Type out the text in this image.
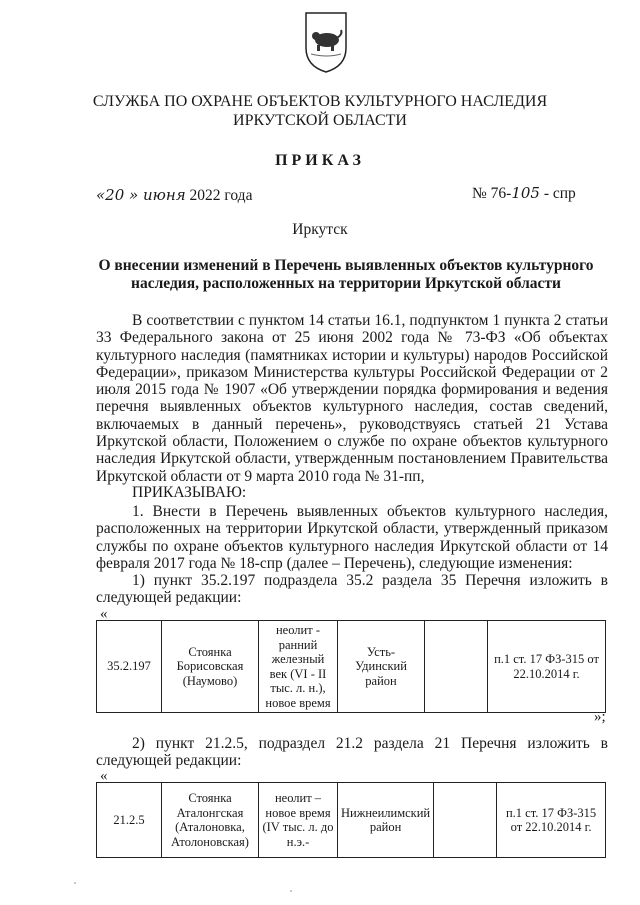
СЛУЖБА ПО ОХРАНЕ ОБЪЕКТОВ КУЛЬТУРНОГО НАСЛЕДИЯ
ИРКУТСКОЙ ОБЛАСТИ
ПРИКАЗ
«20 » июня 2022 года	№ 76-105 - спр
Иркутск
О внесении изменений в Перечень выявленных объектов культурного
наследия, расположенных на территории Иркутской области

В соответствии с пунктом 14 статьи 16.1, подпунктом 1 пункта 2 статьи 33 Федерального закона от 25 июня 2002 года № 73-ФЗ «Об объектах культурного наследия (памятниках истории и культуры) народов Российской Федерации», приказом Министерства культуры Российской Федерации от 2 июля 2015 года № 1907 «Об утверждении порядка формирования и ведения перечня выявленных объектов культурного наследия, состав сведений, включаемых в данный перечень», руководствуясь статьей 21 Устава Иркутской области, Положением о службе по охране объектов культурного наследия Иркутской области, утвержденным постановлением Правительства Иркутской области от 9 марта 2010 года № 31-пп,

ПРИКАЗЫВАЮ:

1. Внести в Перечень выявленных объектов культурного наследия, расположенных на территории Иркутской области, утвержденный приказом службы по охране объектов культурного наследия Иркутской области от 14 февраля 2017 года № 18-спр (далее – Перечень), следующие изменения:

1) пункт 35.2.197 подраздела 35.2 раздела 35 Перечня изложить в следующей редакции:

«
35.2.197	Стоянка Борисовская (Наумово)	неолит - ранний железный век (VI - II тыс. л. н.), новое время	Усть-Удинский район		п.1 ст. 17 ФЗ-315 от 22.10.2014 г.
»;

2) пункт 21.2.5, подраздел 21.2 раздела 21 Перечня изложить в следующей редакции:

«
21.2.5	Стоянка Аталонгская (Аталоновка, Атолоновская)	неолит – новое время (IV тыс. л. до н.э.-	Нижнеилимский район		п.1 ст. 17 ФЗ-315 от 22.10.2014 г.
